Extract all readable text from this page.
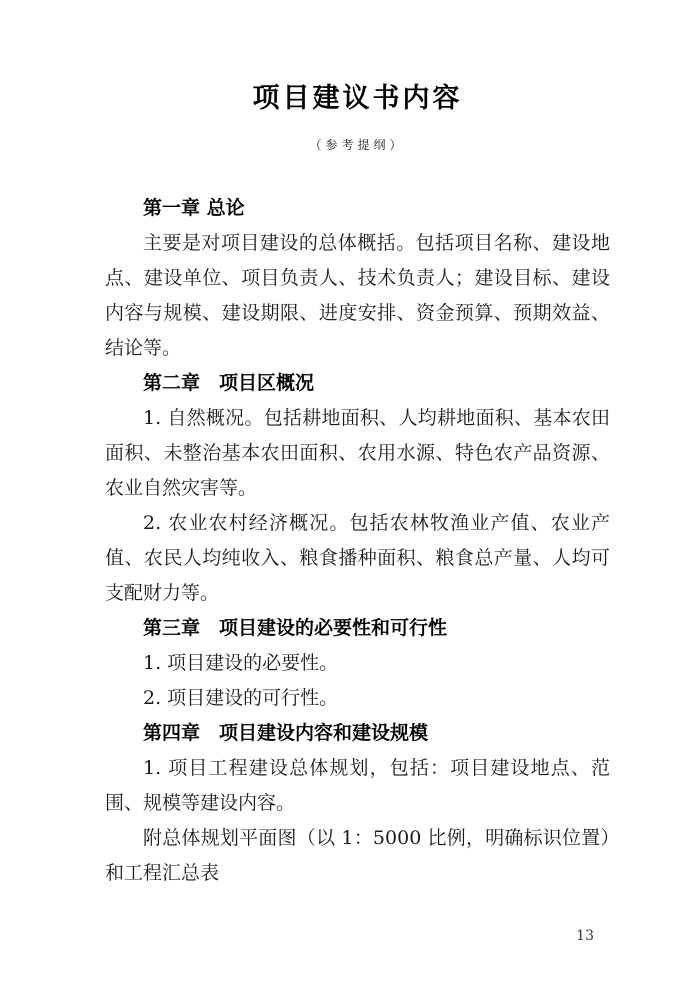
项目建议书内容
（参考提纲）
第一章 总论
主要是对项目建设的总体概括。包括项目名称、建设地点、建设单位、项目负责人、技术负责人；建设目标、建设内容与规模、建设期限、进度安排、资金预算、预期效益、结论等。
第二章　项目区概况
1. 自然概况。包括耕地面积、人均耕地面积、基本农田面积、未整治基本农田面积、农用水源、特色农产品资源、农业自然灾害等。
2. 农业农村经济概况。包括农林牧渔业产值、农业产值、农民人均纯收入、粮食播种面积、粮食总产量、人均可支配财力等。
第三章　项目建设的必要性和可行性
1. 项目建设的必要性。
2. 项目建设的可行性。
第四章　项目建设内容和建设规模
1. 项目工程建设总体规划，包括：项目建设地点、范围、规模等建设内容。
附总体规划平面图（以 1：5000 比例，明确标识位置）和工程汇总表
13
